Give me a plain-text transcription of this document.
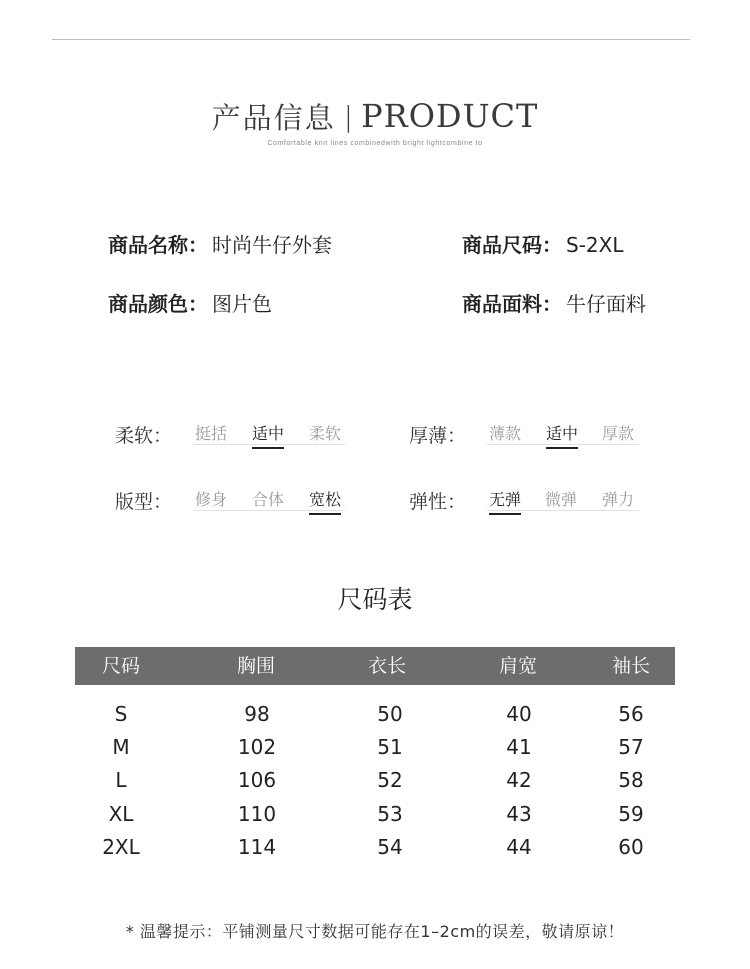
产品信息 | PRODUCT
Comfortable knit lines combinedwith bright lightcombine to
商品名称： 时尚牛仔外套	商品尺码： S-2XL
商品颜色： 图片色	商品面料： 牛仔面料
柔软： 挺括 适中 柔软	厚薄： 薄款 适中 厚款
版型： 修身 合体 宽松	弹性： 无弹 微弹 弹力
尺码表
尺码	胸围	衣长	肩宽	袖长
S	98	50	40	56
M	102	51	41	57
L	106	52	42	58
XL	110	53	43	59
2XL	114	54	44	60
* 温馨提示：平铺测量尺寸数据可能存在1–2cm的误差，敬请原谅！
